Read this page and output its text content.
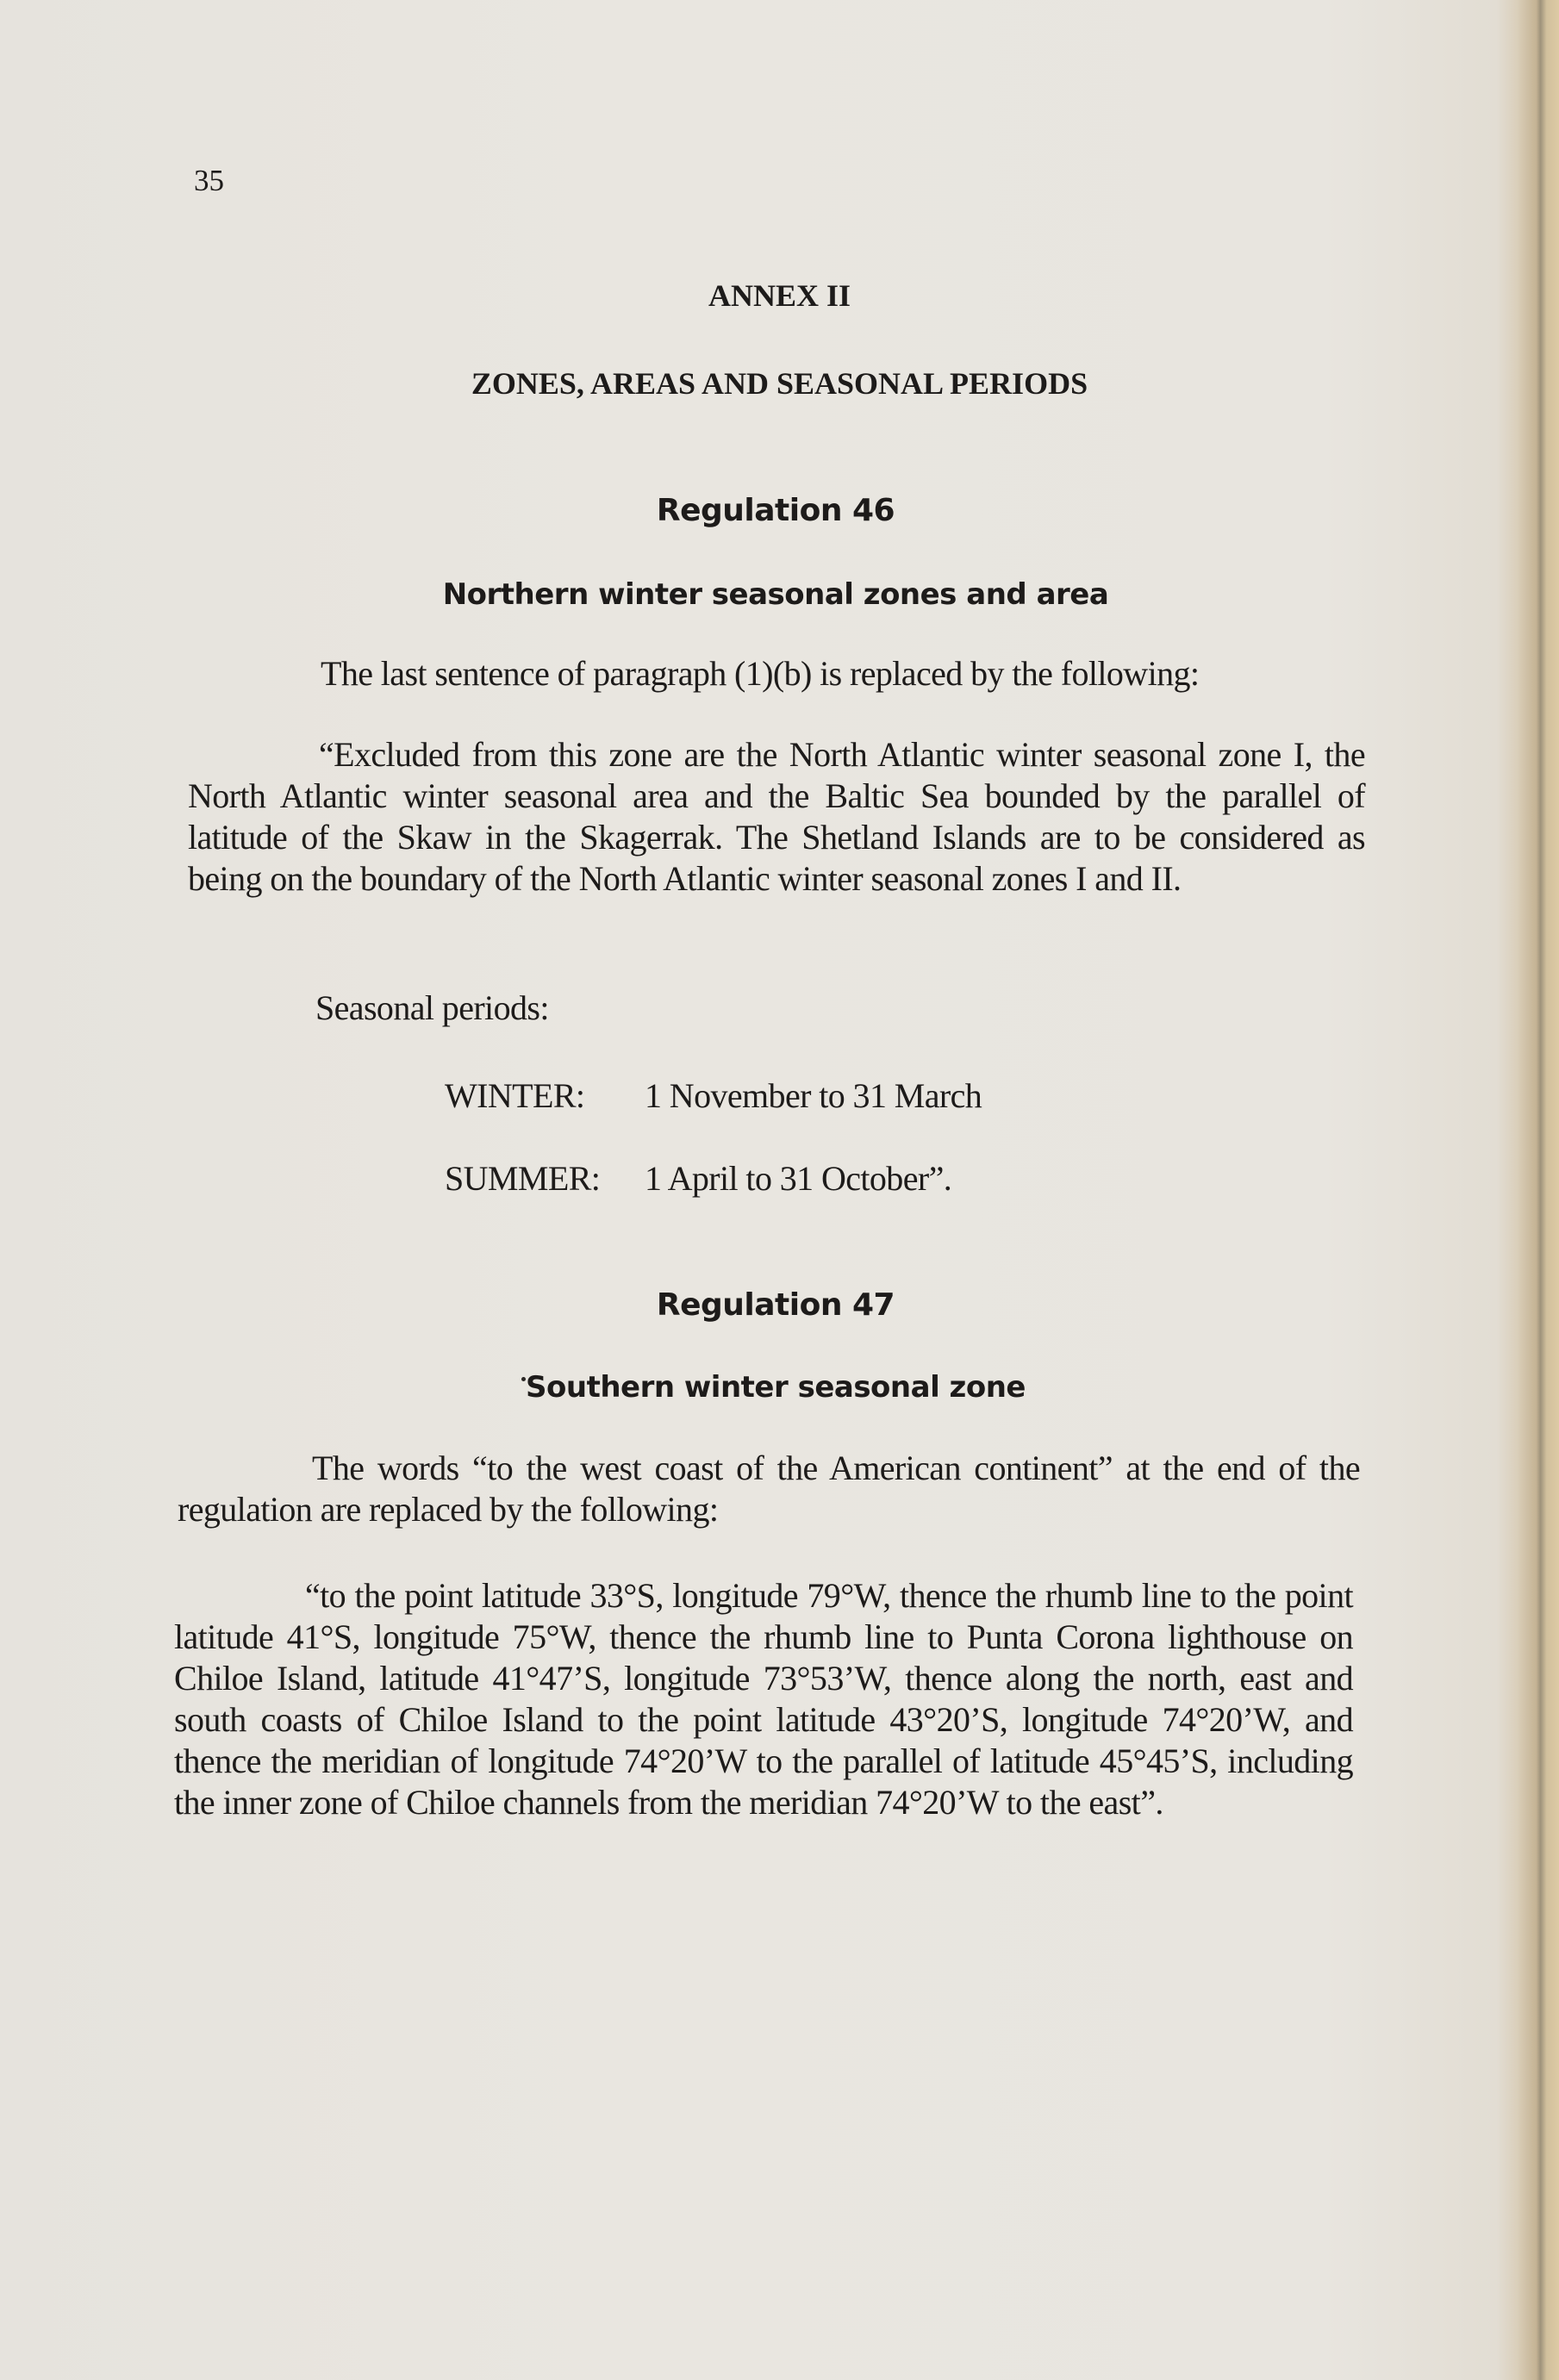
35
ANNEX II
ZONES, AREAS AND SEASONAL PERIODS
Regulation 46
Northern winter seasonal zones and area
The last sentence of paragraph (1)(b) is replaced by the following:
“Excluded from this zone are the North Atlantic winter seasonal zone I, the North Atlantic winter seasonal area and the Baltic Sea bounded by the parallel of latitude of the Skaw in the Skagerrak. The Shetland Islands are to be considered as being on the boundary of the North Atlantic winter seasonal zones I and II.
Seasonal periods:
WINTER: 1 November to 31 March
SUMMER: 1 April to 31 October”.
Regulation 47
Southern winter seasonal zone
The words “to the west coast of the American continent” at the end of the regulation are replaced by the following:
“to the point latitude 33°S, longitude 79°W, thence the rhumb line to the point latitude 41°S, longitude 75°W, thence the rhumb line to Punta Corona lighthouse on Chiloe Island, latitude 41°47’S, longitude 73°53’W, thence along the north, east and south coasts of Chiloe Island to the point latitude 43°20’S, longitude 74°20’W, and thence the meridian of longitude 74°20’W to the parallel of latitude 45°45’S, including the inner zone of Chiloe channels from the meridian 74°20’W to the east”.
